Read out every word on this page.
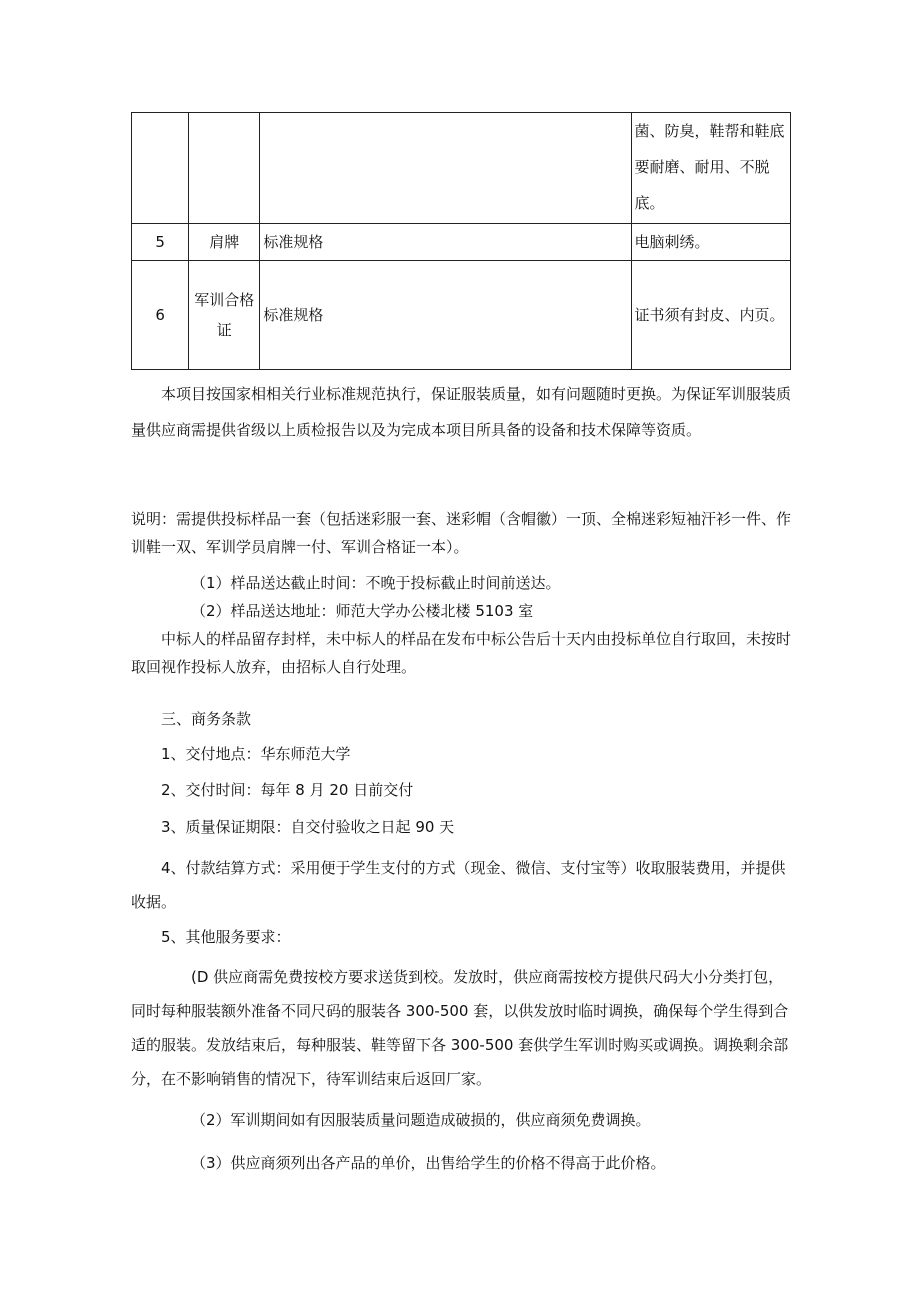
			菌、防臭，鞋帮和鞋底要耐磨、耐用、不脱底。
5	肩牌	标准规格	电脑刺绣。
6	军训合格证	标准规格	证书须有封皮、内页。

本项目按国家相相关行业标准规范执行，保证服装质量，如有问题随时更换。为保证军训服装质量供应商需提供省级以上质检报告以及为完成本项目所具备的设备和技术保障等资质。

说明：需提供投标样品一套（包括迷彩服一套、迷彩帽（含帽徽）一顶、全棉迷彩短袖汗衫一件、作训鞋一双、军训学员肩牌一付、军训合格证一本）。

（1）样品送达截止时间：不晚于投标截止时间前送达。
（2）样品送达地址：师范大学办公楼北楼 5103 室

中标人的样品留存封样，未中标人的样品在发布中标公告后十天内由投标单位自行取回，未按时取回视作投标人放弃，由招标人自行处理。

三、商务条款

1、交付地点：华东师范大学

2、交付时间：每年 8 月 20 日前交付

3、质量保证期限：自交付验收之日起 90 天

4、付款结算方式：采用便于学生支付的方式（现金、微信、支付宝等）收取服装费用，并提供收据。

5、其他服务要求：

(D 供应商需免费按校方要求送货到校。发放时，供应商需按校方提供尺码大小分类打包，同时每种服装额外准备不同尺码的服装各 300-500 套，以供发放时临时调换，确保每个学生得到合适的服装。发放结束后，每种服装、鞋等留下各 300-500 套供学生军训时购买或调换。调换剩余部分，在不影响销售的情况下，待军训结束后返回厂家。

（2）军训期间如有因服装质量问题造成破损的，供应商须免费调换。

（3）供应商须列出各产品的单价，出售给学生的价格不得高于此价格。
